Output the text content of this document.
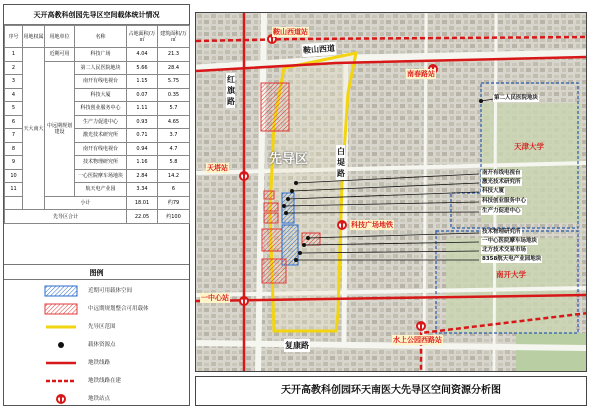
天开高教科创园先导区空间载体统计情况
序号	用地权属	用地单位	名称	占地面积/万㎡	建筑面积/万㎡
1	天大南大	近期可用	科技广场	4.04	21.3
2		中远期规划建设	第二人民医院地块	5.66	28.4
3			南开有线电视台	1.15	5.75
4			科技大厦	0.07	0.35
5			科技创业服务中心	1.11	5.7
6			生产力促进中心	0.93	4.65
7			激光技术研究所	0.71	3.7
8			南开有线电视台	0.94	4.7
9			技术物理研究所	1.16	5.8
10			一心医院摩车场地块	2.84	14.2
11			航天电产业园	3.34	6
		小计		18.01	约79
先导区合计				22.05	约100
图例
近期可用载体空间
中远期规划整合可用载体
先导区范围
载体资源点
地铁线路
地铁线路在建
地铁站点
鞍山西道站
南春路站
天塔站
科技广场地铁
一中心站
水上公园西路站
鞍山西道
红 旗 路
白 堤 路
复康路
先导区
天津大学
南开大学
第二人民医院地块
南开有线电视台
激光技术研究所
科技大厦
科技创业服务中心
生产力促进中心
技术物理研究所
一中心医院摩车场地块
北方技术交易市场
8358航天电产业园地块
天开高教科创园环天南医大先导区空间资源分析图
